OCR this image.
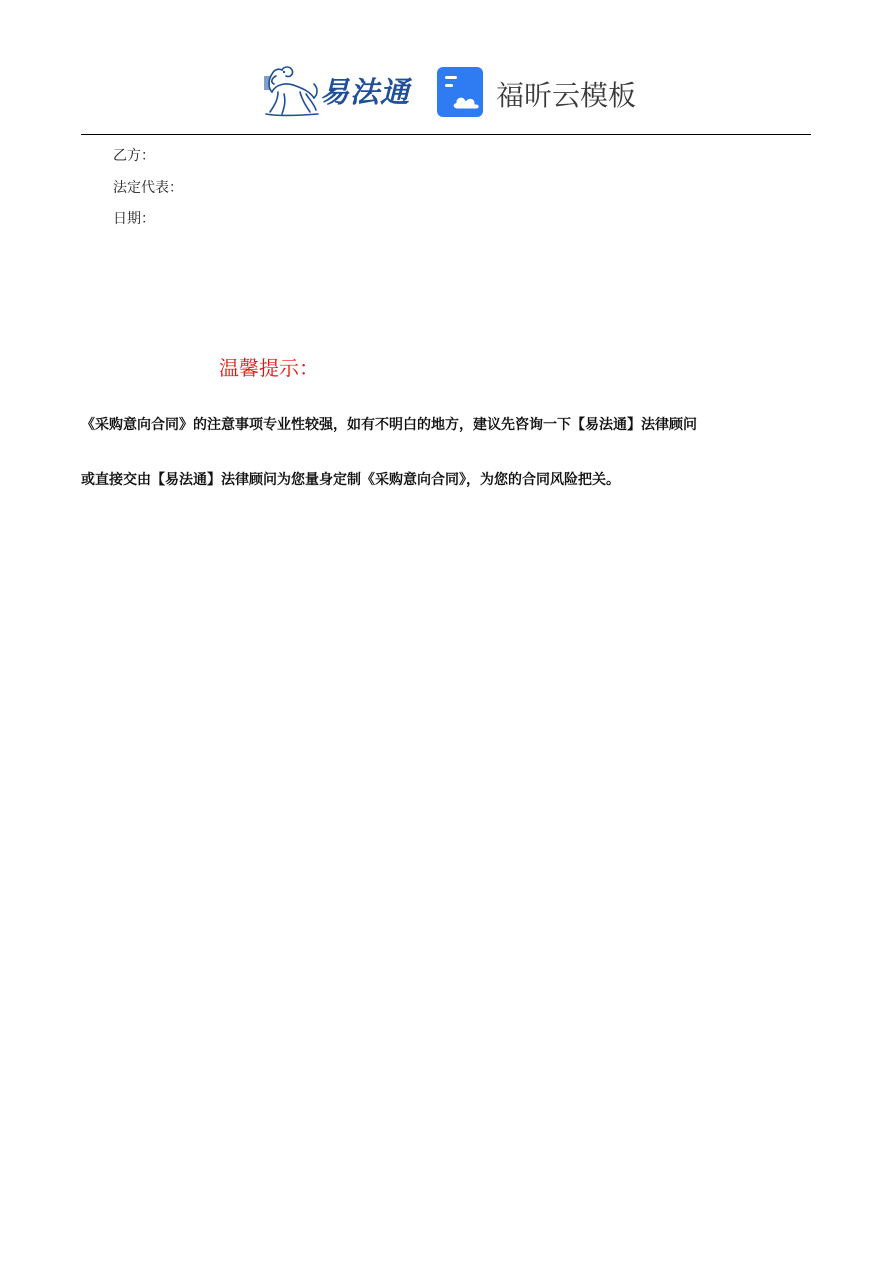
易法通	福昕云模板
乙方：
法定代表：
日期：
温馨提示：
《采购意向合同》的注意事项专业性较强，如有不明白的地方，建议先咨询一下【易法通】法律顾问
或直接交由【易法通】法律顾问为您量身定制《采购意向合同》，为您的合同风险把关。
